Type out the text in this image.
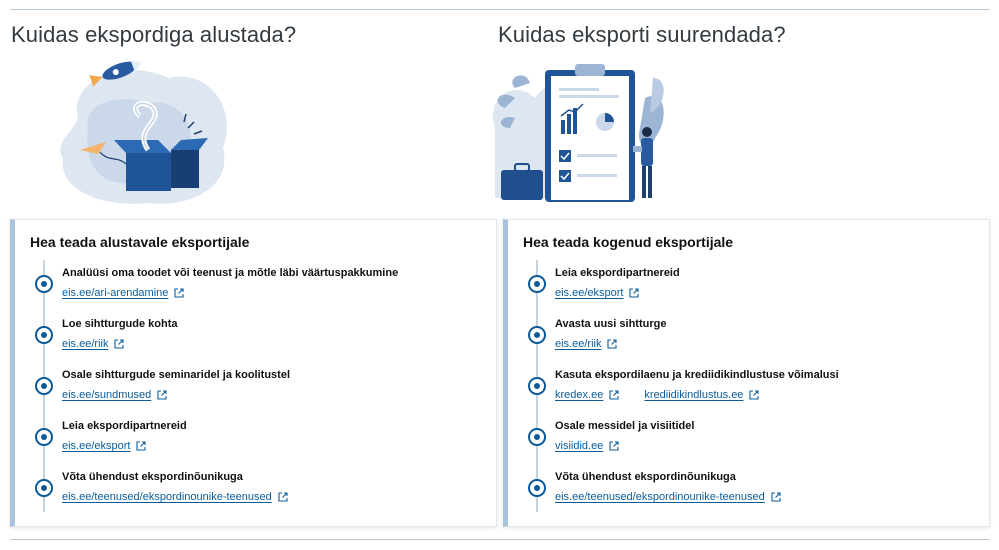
Kuidas ekspordiga alustada?
Hea teada alustavale eksportijale
Analüüsi oma toodet või teenust ja mõtle läbi väärtuspakkumine
eis.ee/ari-arendamine
Loe sihtturgude kohta
eis.ee/riik
Osale sihtturgude seminaridel ja koolitustel
eis.ee/sundmused
Leia ekspordipartnereid
eis.ee/eksport
Võta ühendust ekspordinõunikuga
eis.ee/teenused/ekspordinounike-teenused
Kuidas eksporti suurendada?
Hea teada kogenud eksportijale
Leia ekspordipartnereid
eis.ee/eksport
Avasta uusi sihtturge
eis.ee/riik
Kasuta ekspordilaenu ja krediidikindlustuse võimalusi
kredex.ee
	krediidikindlustus.ee
Osale messidel ja visiitidel
visiidid.ee
Võta ühendust ekspordinõunikuga
eis.ee/teenused/ekspordinounike-teenused
